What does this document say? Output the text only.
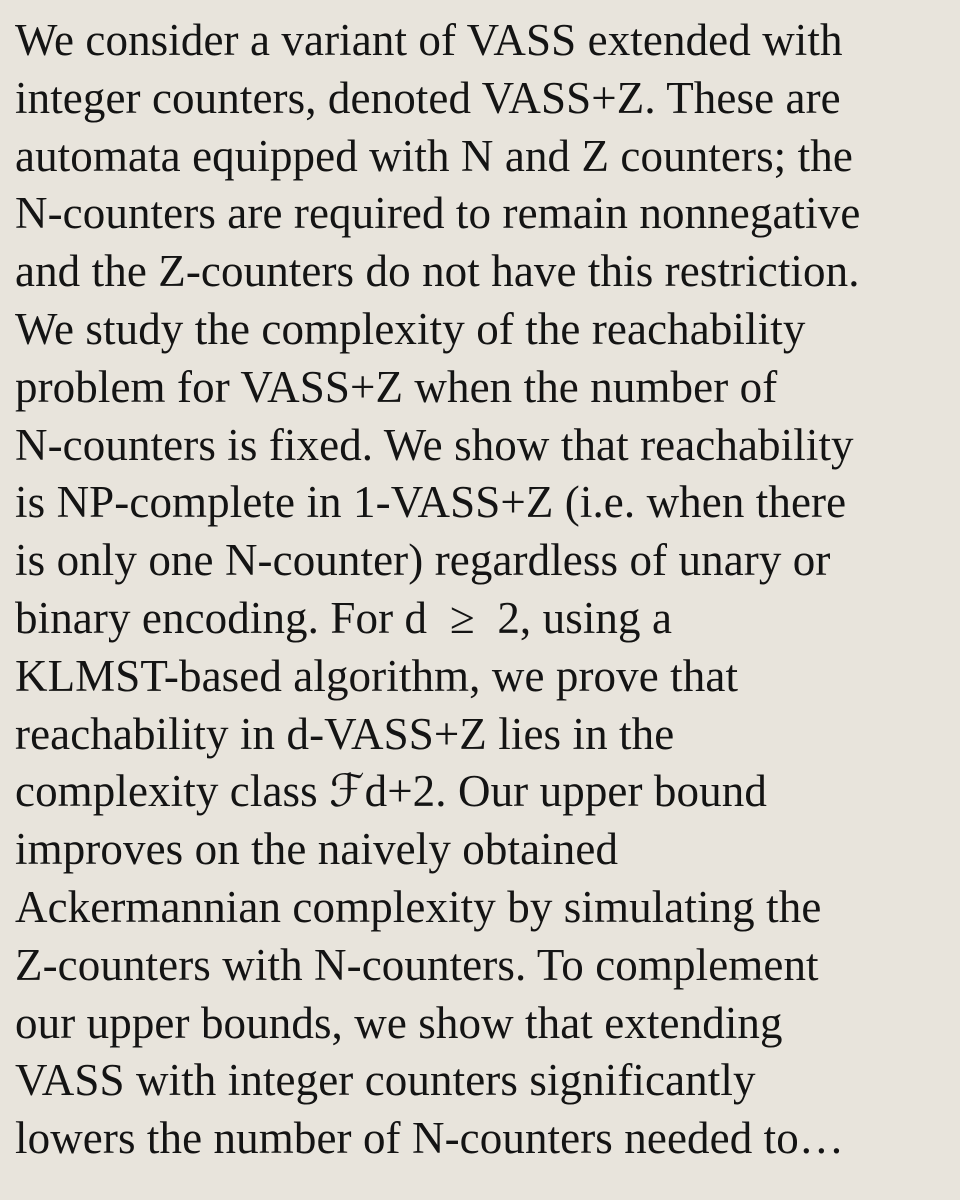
We consider a variant of VASS extended with
integer counters, denoted VASS+Z. These are
automata equipped with N and Z counters; the
N-counters are required to remain nonnegative
and the Z-counters do not have this restriction.
We study the complexity of the reachability
problem for VASS+Z when the number of
N-counters is fixed. We show that reachability
is NP-complete in 1-VASS+Z (i.e. when there
is only one N-counter) regardless of unary or
binary encoding. For d  ≥  2, using a
KLMST-based algorithm, we prove that
reachability in d-VASS+Z lies in the
complexity class ℱd+2. Our upper bound
improves on the naively obtained
Ackermannian complexity by simulating the
Z-counters with N-counters. To complement
our upper bounds, we show that extending
VASS with integer counters significantly
lowers the number of N-counters needed to…
